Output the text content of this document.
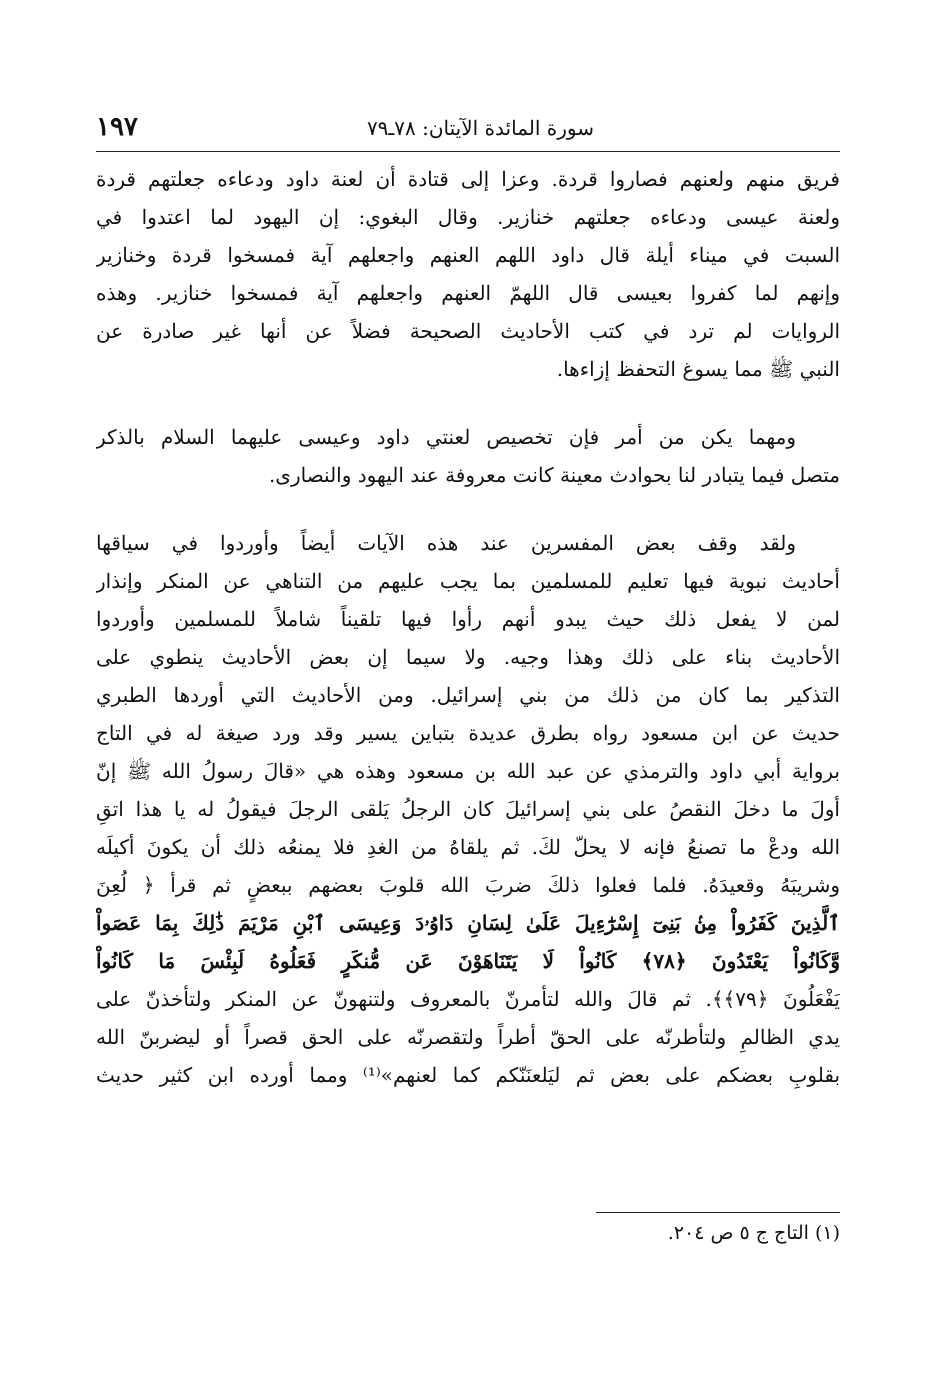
١٩٧	سورة المائدة الآيتان: ٧٨ـ٧٩
فريق منهم ولعنهم فصاروا قردة. وعزا إلى قتادة أن لعنة داود ودعاءه جعلتهم قردة
ولعنة عيسى ودعاءه جعلتهم خنازير. وقال البغوي: إن اليهود لما اعتدوا في
السبت في ميناء أيلة قال داود اللهم العنهم واجعلهم آية فمسخوا قردة وخنازير
وإنهم لما كفروا بعيسى قال اللهمّ العنهم واجعلهم آية فمسخوا خنازير. وهذه
الروايات لم ترد في كتب الأحاديث الصحيحة فضلاً عن أنها غير صادرة عن
النبي ﷺ مما يسوغ التحفظ إزاءها.
ومهما يكن من أمر فإن تخصيص لعنتي داود وعيسى عليهما السلام بالذكر
متصل فيما يتبادر لنا بحوادث معينة كانت معروفة عند اليهود والنصارى.
ولقد وقف بعض المفسرين عند هذه الآيات أيضاً وأوردوا في سياقها
أحاديث نبوية فيها تعليم للمسلمين بما يجب عليهم من التناهي عن المنكر وإنذار
لمن لا يفعل ذلك حيث يبدو أنهم رأوا فيها تلقيناً شاملاً للمسلمين وأوردوا
الأحاديث بناء على ذلك وهذا وجيه. ولا سيما إن بعض الأحاديث ينطوي على
التذكير بما كان من ذلك من بني إسرائيل. ومن الأحاديث التي أوردها الطبري
حديث عن ابن مسعود رواه بطرق عديدة بتباين يسير وقد ورد صيغة له في التاج
برواية أبي داود والترمذي عن عبد الله بن مسعود وهذه هي «قالَ رسولُ الله ﷺ إنّ
أولَ ما دخلَ النقصُ على بني إسرائيلَ كان الرجلُ يَلقى الرجلَ فيقولُ له يا هذا اتقِ
الله ودعْ ما تصنعُ فإنه لا يحلّ لكَ. ثم يلقاهُ من الغدِ فلا يمنعُه ذلك أن يكونَ أكيلَه
وشريبَهُ وقعيدَهُ. فلما فعلوا ذلكَ ضربَ الله قلوبَ بعضهم ببعضٍ ثم قرأ ﴿ لُعِنَ
ٱلَّذِينَ كَفَرُواْ مِنۢ بَنِىٓ إِسْرَٰٓءِيلَ عَلَىٰ لِسَانِ دَاوُۥدَ وَعِيسَى ٱبْنِ مَرْيَمَ ذَٰلِكَ بِمَا عَصَواْ
وَّكَانُواْ يَعْتَدُونَ ﴿٧٨﴾ كَانُواْ لَا يَتَنَاهَوْنَ عَن مُّنكَرٍ فَعَلُوهُ لَبِئْسَ مَا كَانُواْ
يَفْعَلُونَ ﴿٧٩﴾﴾. ثم قالَ والله لتأمرنّ بالمعروف ولتنهونّ عن المنكر ولتأخذنّ على
يدي الظالمِ ولتأطرنّه على الحقّ أطراً ولتقصرنّه على الحق قصراً أو ليضربنّ الله
بقلوبِ بعضكم على بعض ثم ليَلعنَنّكم كما لعنهم»⁽¹⁾ ومما أورده ابن كثير حديث
(١) التاج ج ٥ ص ٢٠٤.
